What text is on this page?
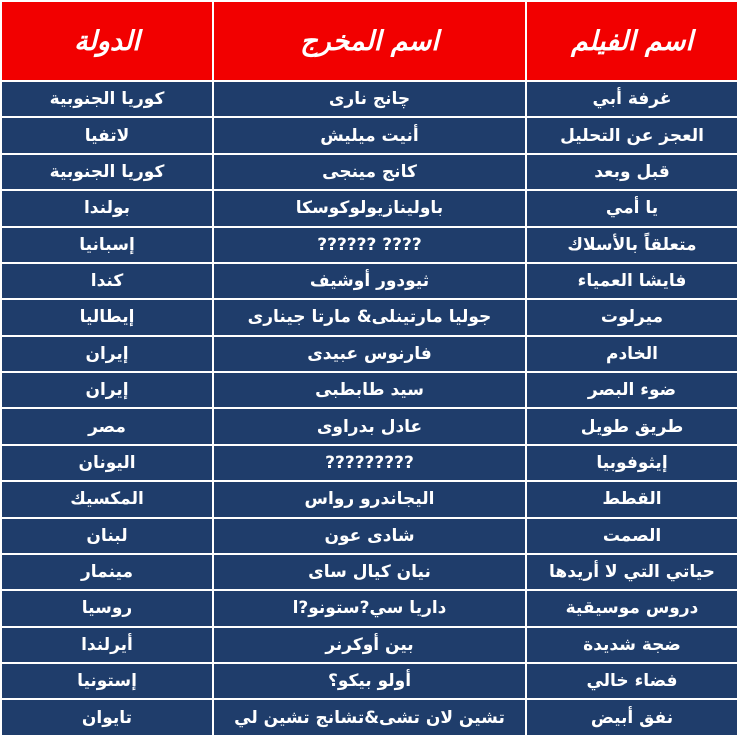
اسم الفيلم	اسم المخرج	الدولة
غرفة أبي	چانج نارى	كوريا الجنوبية
العجز عن التحليل	أنيت ميليش	لاتفيا
قبل وبعد	كانج مينجى	كوريا الجنوبية
يا أمي	باولينازيولوكوسكا	بولندا
متعلقاً بالأسلاك	???? ??????	إسبانيا
فايشا العمياء	ثيودور أوشيف	كندا
ميرلوت	جوليا مارتينلى& مارتا جينارى	إيطاليا
الخادم	فارنوس عبيدى	إيران
ضوء البصر	سيد طابطبى	إيران
طريق طويل	عادل بدراوى	مصر
إيثوفوبيا	?????????	اليونان
القطط	اليجاندرو رواس	المكسيك
الصمت	شادى عون	لبنان
حياتي التي لا أريدها	نيان كيال ساى	مينمار
دروس موسيقية	داريا سي?ستونو?ا	روسيا
ضجة شديدة	بين أوكرنر	أيرلندا
فضاء خالي	أولو بيكو؟	إستونيا
نفق أبيض	تشين لان تشى&تشانج تشين لي	تايوان
